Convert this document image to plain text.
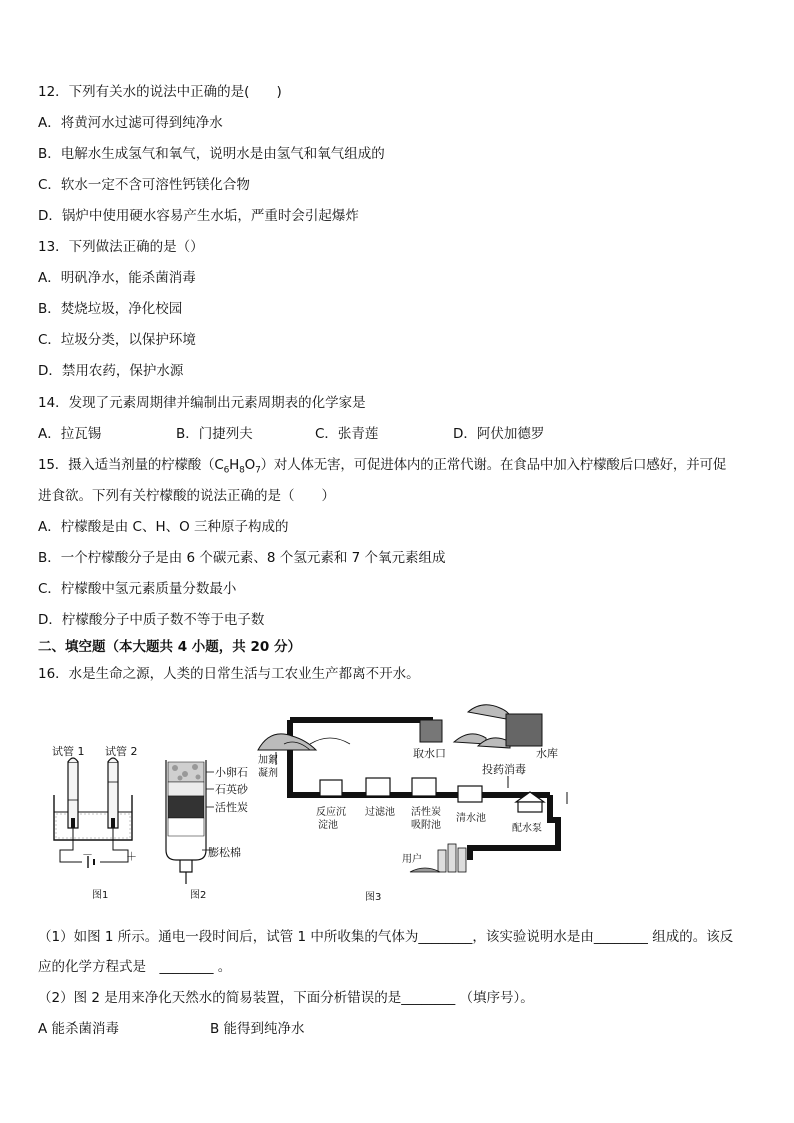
12．下列有关水的说法中正确的是(　　)
A．将黄河水过滤可得到纯净水
B．电解水生成氢气和氧气，说明水是由氢气和氧气组成的
C．软水一定不含可溶性钙镁化合物
D．锅炉中使用硬水容易产生水垢，严重时会引起爆炸
13．下列做法正确的是（）
A．明矾净水，能杀菌消毒
B．焚烧垃圾，净化校园
C．垃圾分类，以保护环境
D．禁用农药，保护水源
14．发现了元素周期律并编制出元素周期表的化学家是
A．拉瓦锡	B．门捷列夫	C．张青莲	D．阿伏加德罗
15．摄入适当剂量的柠檬酸$(C_6H_8O_7)$对人体无害，可促进体内的正常代谢。在食品中加入柠檬酸后口感好，并可促
进食欲。下列有关柠檬酸的说法正确的是（　　）
A．柠檬酸是由 C、H、O 三种原子构成的
B．一个柠檬酸分子是由 6 个碳元素、8 个氢元素和 7 个氧元素组成
C．柠檬酸中氢元素质量分数最小
D．柠檬酸分子中质子数不等于电子数
二、填空题（本大题共 4 小题，共 20 分）
16．水是生命之源，人类的日常生活与工农业生产都离不开水。
试管 1 试管 2
－	＋
图1
小卵石
石英砂
活性炭
膨松棉
图2
取水口
加絮
凝剂
水库
投药消毒
反应沉
淀池
过滤池 活性炭
吸附池
清水池
配水泵
用户
图3
（1）如图 1 所示。通电一段时间后，试管 1 中所收集的气体为________，该实验说明水是由________ 组成的。该反
应的化学方程式是　________ 。
（2）图 2 是用来净化天然水的简易装置，下面分析错误的是________ （填序号）。
A 能杀菌消毒	B 能得到纯净水
